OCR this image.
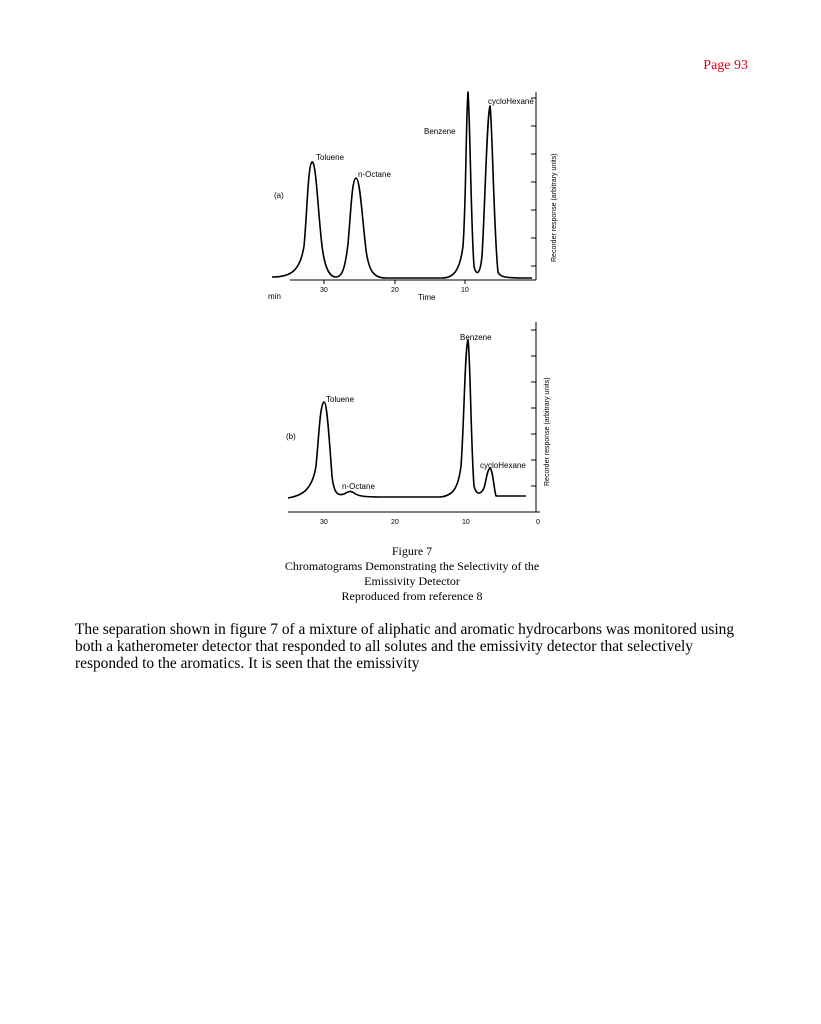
Page 93
(a)
Toluene
n-Octane
Benzene
cycloHexane
30	20	10
min	Time
Recorder response (arbitrary units)
(b)
Toluene
n-Octane
Benzene
cycloHexane
30	20	10	0
Recorder response (arbitrary units)
Figure 7
Chromatograms Demonstrating the Selectivity of the
Emissivity Detector
Reproduced from reference 8

The separation shown in figure 7 of a mixture of aliphatic and aromatic hydrocarbons was monitored using both a katherometer detector that responded to all solutes and the emissivity detector that selectively responded to the aromatics. It is seen that the emissivity
